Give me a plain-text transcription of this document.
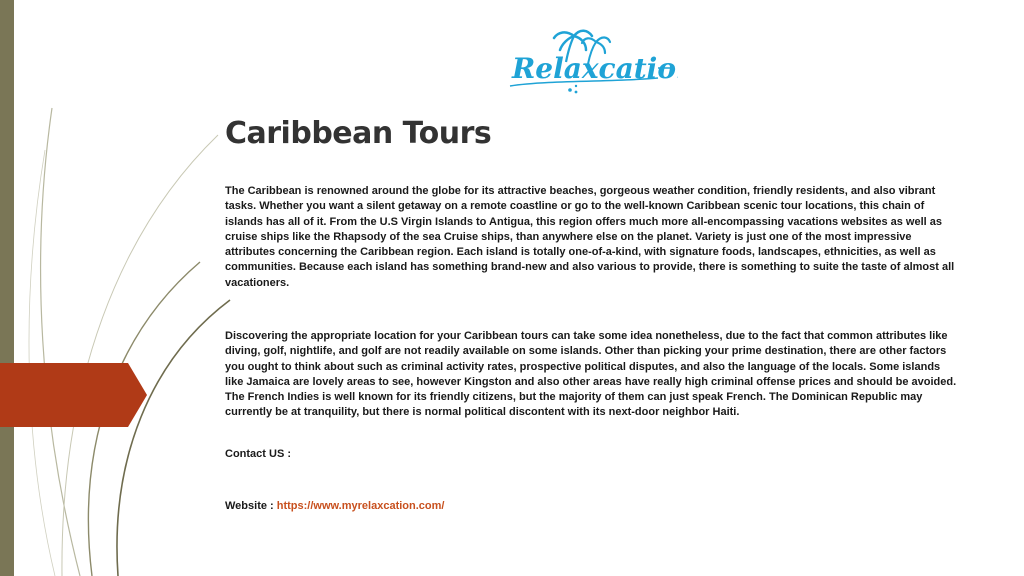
Relaxcation
Caribbean Tours

The Caribbean is renowned around the globe for its attractive beaches, gorgeous weather condition, friendly residents, and also vibrant tasks. Whether you want a silent getaway on a remote coastline or go to the well-known Caribbean scenic tour locations, this chain of islands has all of it. From the U.S Virgin Islands to Antigua, this region offers much more all-encompassing vacations websites as well as cruise ships like the Rhapsody of the sea Cruise ships, than anywhere else on the planet. Variety is just one of the most impressive attributes concerning the Caribbean region. Each island is totally one-of-a-kind, with signature foods, landscapes, ethnicities, as well as communities. Because each island has something brand-new and also various to provide, there is something to suite the taste of almost all vacationers.

Discovering the appropriate location for your Caribbean tours can take some idea nonetheless, due to the fact that common attributes like diving, golf, nightlife, and golf are not readily available on some islands. Other than picking your prime destination, there are other factors you ought to think about such as criminal activity rates, prospective political disputes, and also the language of the locals. Some islands like Jamaica are lovely areas to see, however Kingston and also other areas have really high criminal offense prices and should be avoided. The French Indies is well known for its friendly citizens, but the majority of them can just speak French. The Dominican Republic may currently be at tranquility, but there is normal political discontent with its next-door neighbor Haiti.

Contact US :

Website : https://www.myrelaxcation.com/
